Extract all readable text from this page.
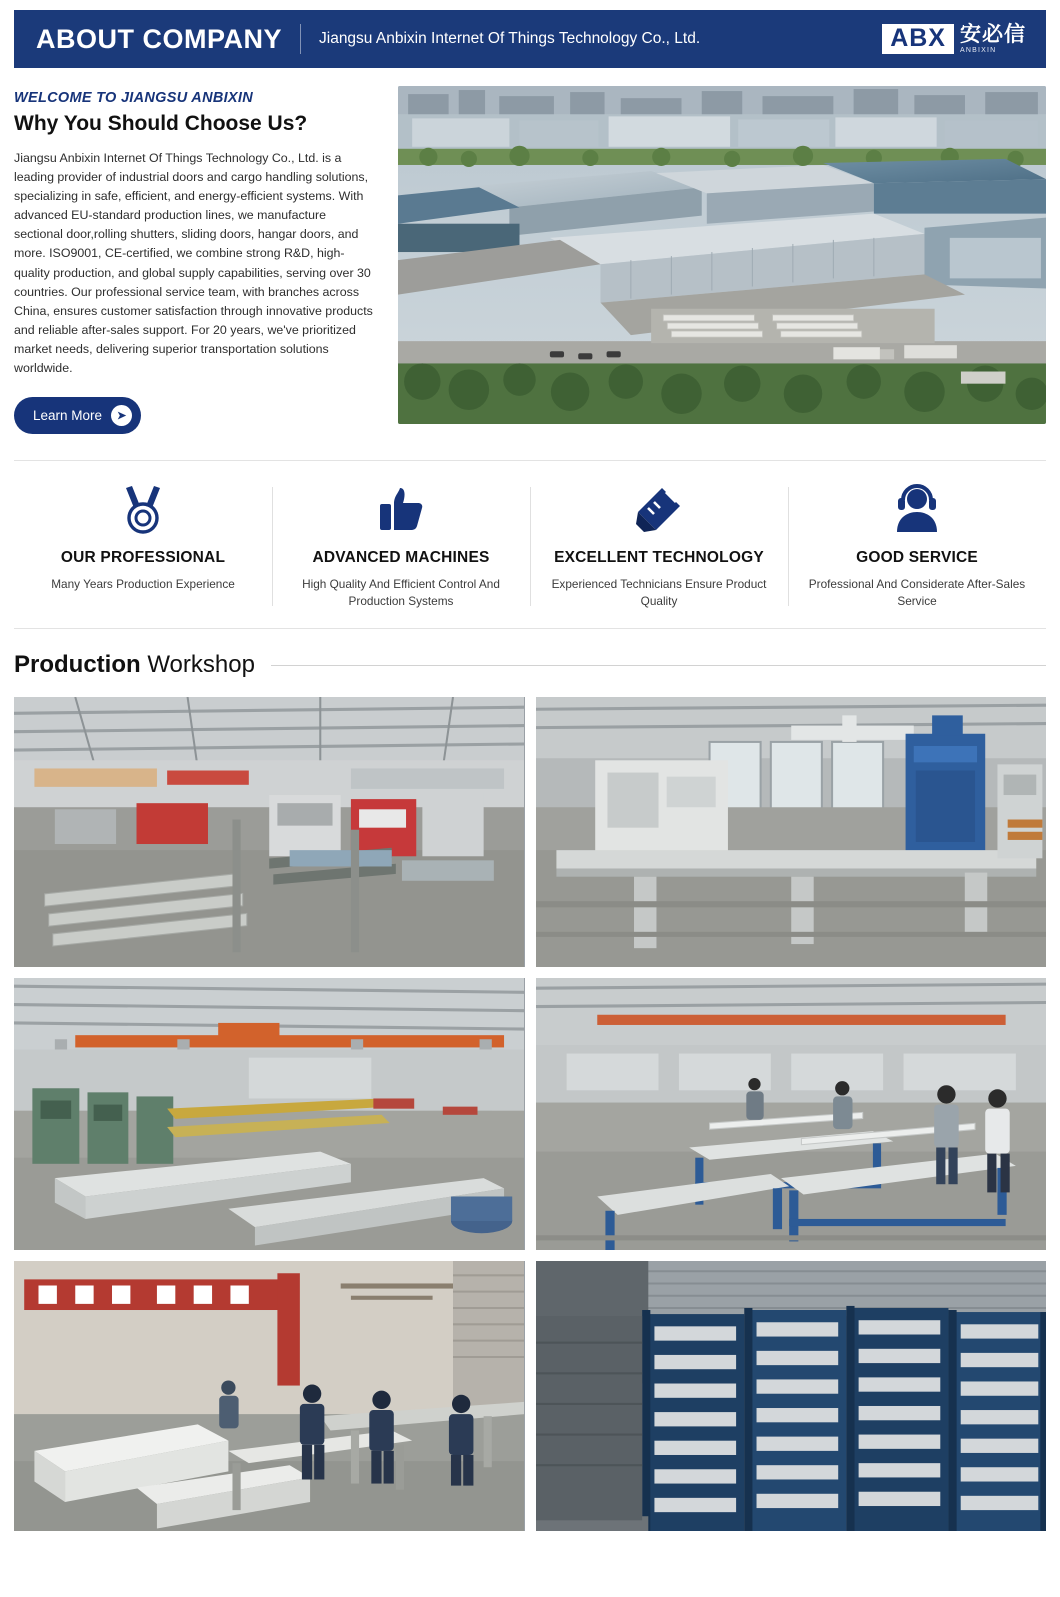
ABOUT COMPANY Jiangsu Anbixin Internet Of Things Technology Co., Ltd.	ABX 安必信
ANBIXIN
WELCOME TO JIANGSU ANBIXIN
Why You Should Choose Us?
Jiangsu Anbixin Internet Of Things Technology Co., Ltd. is a leading provider of industrial doors and cargo handling solutions, specializing in safe, efficient, and energy-efficient systems. With advanced EU-standard production lines, we manufacture sectional door,rolling shutters, sliding doors, hangar doors, and more. ISO9001, CE-certified, we combine strong R&D, high-quality production, and global supply capabilities, serving over 30 countries. Our professional service team, with branches across China, ensures customer satisfaction through innovative products and reliable after-sales support. For 20 years, we've prioritized market needs, delivering superior transportation solutions worldwide.
Learn More	➤
OUR PROFESSIONAL
Many Years Production Experience
ADVANCED MACHINES
High Quality And Efficient Control And Production Systems
EXCELLENT TECHNOLOGY
Experienced Technicians Ensure Product Quality
GOOD SERVICE
Professional And Considerate After-Sales Service
Production Workshop
